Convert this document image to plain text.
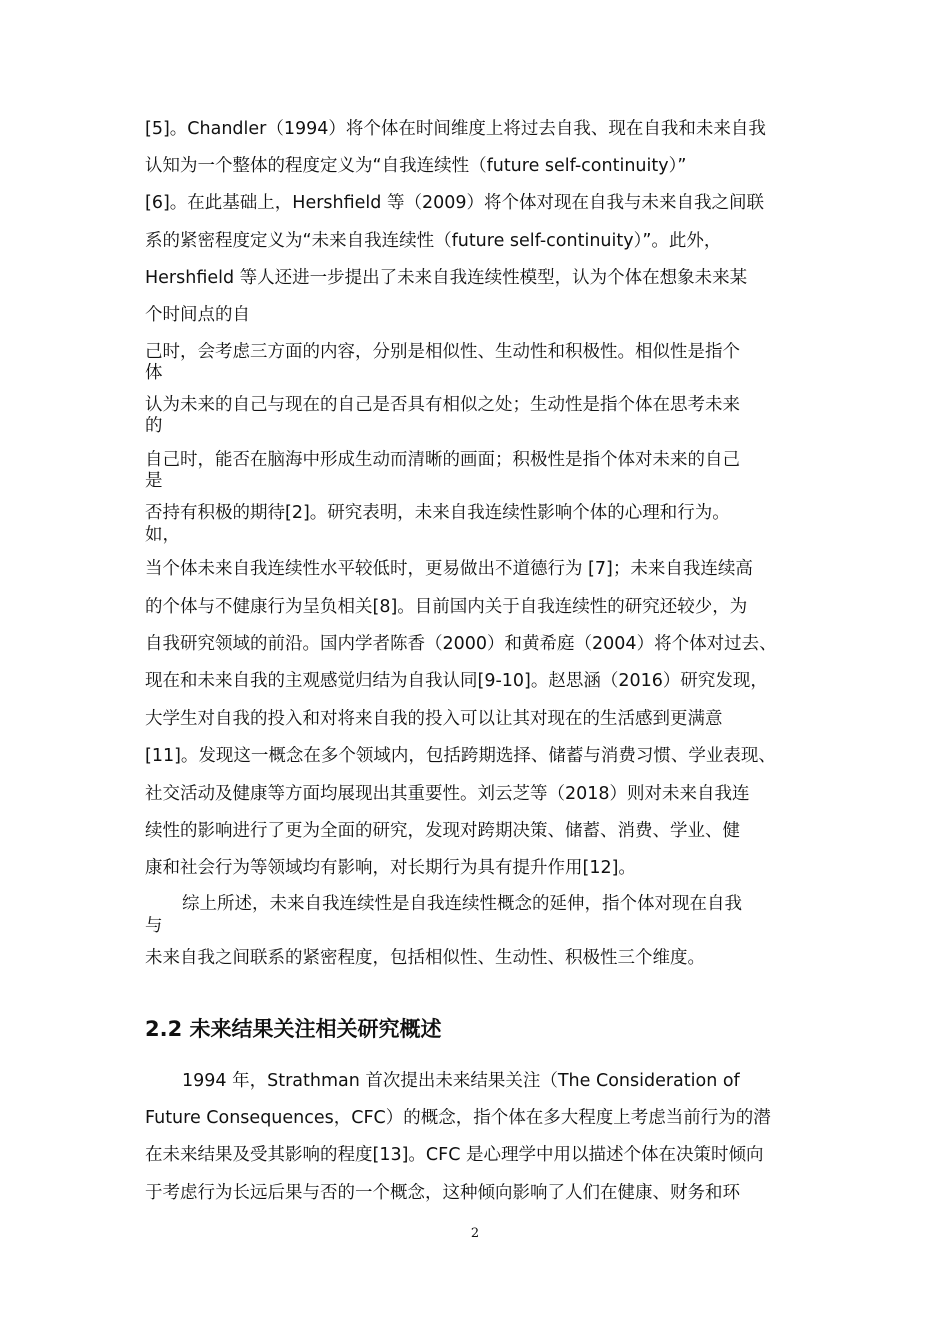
[5]。Chandler（1994）将个体在时间维度上将过去自我、现在自我和未来自我
认知为一个整体的程度定义为“自我连续性（future self-continuity）”
[6]。在此基础上，Hershfield 等（2009）将个体对现在自我与未来自我之间联
系的紧密程度定义为“未来自我连续性（future self-continuity）”。此外，
Hershfield 等人还进一步提出了未来自我连续性模型，认为个体在想象未来某
个时间点的自
己时，会考虑三方面的内容，分别是相似性、生动性和积极性。相似性是指个
体
认为未来的自己与现在的自己是否具有相似之处；生动性是指个体在思考未来
的
自己时，能否在脑海中形成生动而清晰的画面；积极性是指个体对未来的自己
是
否持有积极的期待[2]。研究表明，未来自我连续性影响个体的心理和行为。
如，
当个体未来自我连续性水平较低时，更易做出不道德行为 [7]；未来自我连续高
的个体与不健康行为呈负相关[8]。目前国内关于自我连续性的研究还较少，为
自我研究领域的前沿。国内学者陈香（2000）和黄希庭（2004）将个体对过去、
现在和未来自我的主观感觉归结为自我认同[9-10]。赵思涵（2016）研究发现，
大学生对自我的投入和对将来自我的投入可以让其对现在的生活感到更满意
[11]。发现这一概念在多个领域内，包括跨期选择、储蓄与消费习惯、学业表现、
社交活动及健康等方面均展现出其重要性。刘云芝等（2018）则对未来自我连
续性的影响进行了更为全面的研究，发现对跨期决策、储蓄、消费、学业、健
康和社会行为等领域均有影响，对长期行为具有提升作用[12]。
综上所述，未来自我连续性是自我连续性概念的延伸，指个体对现在自我
与
未来自我之间联系的紧密程度，包括相似性、生动性、积极性三个维度。
2.2 未来结果关注相关研究概述
1994 年，Strathman 首次提出未来结果关注（The Consideration of
Future Consequences，CFC）的概念，指个体在多大程度上考虑当前行为的潜
在未来结果及受其影响的程度[13]。CFC 是心理学中用以描述个体在决策时倾向
于考虑行为长远后果与否的一个概念，这种倾向影响了人们在健康、财务和环
2
